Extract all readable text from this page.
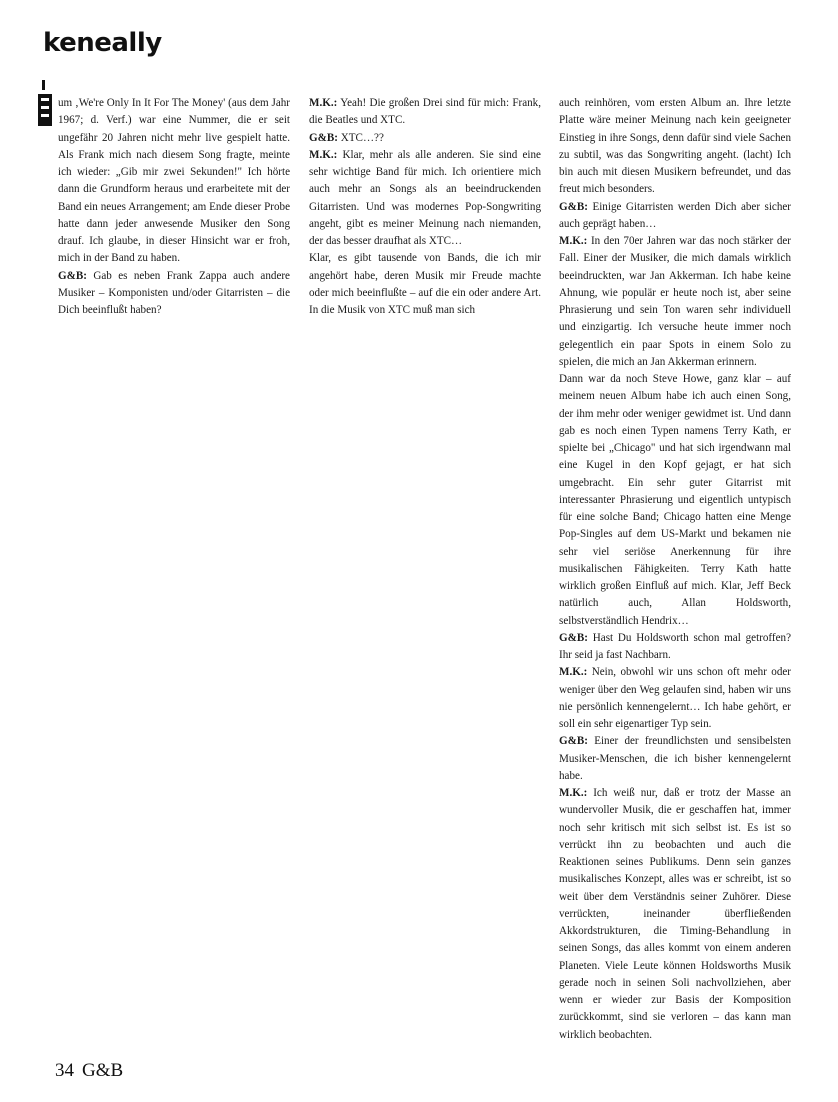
keneally

um ‚We're Only In It For The Money' (aus dem Jahr 1967; d. Verf.) war eine Nummer, die er seit ungefähr 20 Jahren nicht mehr live gespielt hatte. Als Frank mich nach diesem Song fragte, meinte ich wieder: „Gib mir zwei Sekunden!" Ich hörte dann die Grundform heraus und erarbeitete mit der Band ein neues Arrangement; am Ende dieser Probe hatte dann jeder anwesende Musiker den Song drauf. Ich glaube, in dieser Hinsicht war er froh, mich in der Band zu haben.

G&B: Gab es neben Frank Zappa auch andere Musiker – Komponisten und/oder Gitarristen – die Dich beeinflußt haben?

M.K.: Yeah! Die großen Drei sind für mich: Frank, die Beatles und XTC.

G&B: XTC…??

M.K.: Klar, mehr als alle anderen. Sie sind eine sehr wichtige Band für mich. Ich orientiere mich auch mehr an Songs als an beeindruckenden Gitarristen. Und was modernes Pop-Songwriting angeht, gibt es meiner Meinung nach niemanden, der das besser draufhat als XTC…

Klar, es gibt tausende von Bands, die ich mir angehört habe, deren Musik mir Freude machte oder mich beeinflußte – auf die ein oder andere Art. In die Musik von XTC muß man sich

auch reinhören, vom ersten Album an. Ihre letzte Platte wäre meiner Meinung nach kein geeigneter Einstieg in ihre Songs, denn dafür sind viele Sachen zu subtil, was das Songwriting angeht. (lacht) Ich bin auch mit diesen Musikern befreundet, und das freut mich besonders.

G&B: Einige Gitarristen werden Dich aber sicher auch geprägt haben…

M.K.: In den 70er Jahren war das noch stärker der Fall. Einer der Musiker, die mich damals wirklich beeindruckten, war Jan Akkerman. Ich habe keine Ahnung, wie populär er heute noch ist, aber seine Phrasierung und sein Ton waren sehr individuell und einzigartig. Ich versuche heute immer noch gelegentlich ein paar Spots in einem Solo zu spielen, die mich an Jan Akkerman erinnern.

Dann war da noch Steve Howe, ganz klar – auf meinem neuen Album habe ich auch einen Song, der ihm mehr oder weniger gewidmet ist. Und dann gab es noch einen Typen namens Terry Kath, er spielte bei „Chicago" und hat sich irgendwann mal eine Kugel in den Kopf gejagt, er hat sich umgebracht. Ein sehr guter Gitarrist mit interessanter Phrasierung und eigentlich untypisch für eine solche Band; Chicago hatten eine Menge Pop-Singles auf dem US-Markt und bekamen nie sehr viel seriöse Anerkennung für ihre musikalischen Fähigkeiten. Terry Kath hatte wirklich großen Einfluß auf mich. Klar, Jeff Beck natürlich auch, Allan Holdsworth, selbstverständlich Hendrix…

G&B: Hast Du Holdsworth schon mal getroffen? Ihr seid ja fast Nachbarn.

M.K.: Nein, obwohl wir uns schon oft mehr oder weniger über den Weg gelaufen sind, haben wir uns nie persönlich kennengelernt… Ich habe gehört, er soll ein sehr eigenartiger Typ sein.

G&B: Einer der freundlichsten und sensibelsten Musiker-Menschen, die ich bisher kennengelernt habe.

M.K.: Ich weiß nur, daß er trotz der Masse an wundervoller Musik, die er geschaffen hat, immer noch sehr kritisch mit sich selbst ist. Es ist so verrückt ihn zu beobachten und auch die Reaktionen seines Publikums. Denn sein ganzes musikalisches Konzept, alles was er schreibt, ist so weit über dem Verständnis seiner Zuhörer. Diese verrückten, ineinander überfließenden Akkordstrukturen, die Timing-Behandlung in seinen Songs, das alles kommt von einem anderen Planeten. Viele Leute können Holdsworths Musik gerade noch in seinen Soli nachvollziehen, aber wenn er wieder zur Basis der Komposition zurückkommt, sind sie verloren – das kann man wirklich beobachten.

34 G&B
